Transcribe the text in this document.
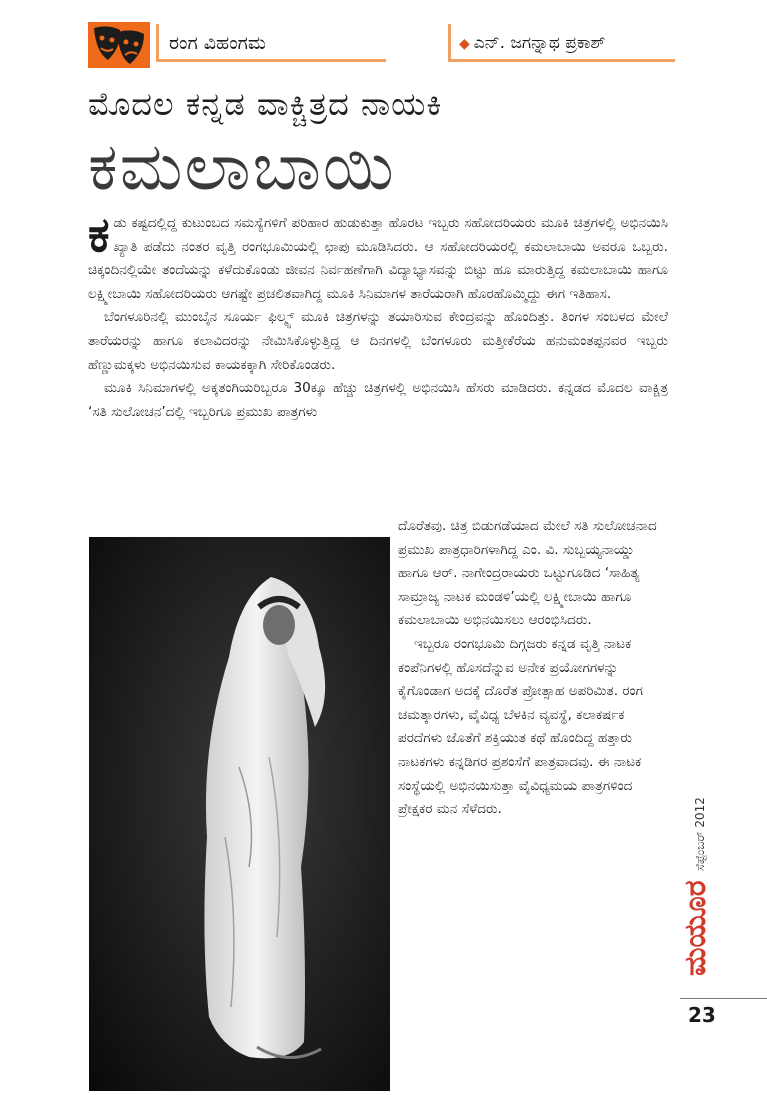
ರಂಗ ವಿಹಂಗಮ	◆ ಎನ್. ಜಗನ್ನಾಥ ಪ್ರಕಾಶ್
ಮೊದಲ ಕನ್ನಡ ವಾಕ್ಚಿತ್ರದ ನಾಯಕಿ
ಕಮಲಾಬಾಯಿ

ಕಡು ಕಷ್ಟದಲ್ಲಿದ್ದ ಕುಟುಂಬದ ಸಮಸ್ಯೆಗಳಿಗೆ ಪರಿಹಾರ ಹುಡುಕುತ್ತಾ ಹೊರಟ ಇಬ್ಬರು ಸಹೋದರಿಯರು ಮೂಕಿ ಚಿತ್ರಗಳಲ್ಲಿ ಅಭಿನಯಿಸಿ ಖ್ಯಾತಿ ಪಡೆದು ನಂತರ ವೃತ್ತಿ ರಂಗಭೂಮಿಯಲ್ಲಿ ಛಾಪು ಮೂಡಿಸಿದರು. ಆ ಸಹೋದರಿಯರಲ್ಲಿ ಕಮಲಾಬಾಯಿ ಅವರೂ ಒಬ್ಬರು. ಚಿಕ್ಕಂದಿನಲ್ಲಿಯೇ ತಂದೆಯನ್ನು ಕಳೆದುಕೊಂಡು ಜೀವನ ನಿರ್ವಹಣೆಗಾಗಿ ವಿದ್ಯಾಭ್ಯಾಸವನ್ನು ಬಿಟ್ಟು ಹೂ ಮಾರುತ್ತಿದ್ದ ಕಮಲಾಬಾಯಿ ಹಾಗೂ ಲಕ್ಷ್ಮೀಬಾಯಿ ಸಹೋದರಿಯರು ಆಗಷ್ಟೇ ಪ್ರಚಲಿತವಾಗಿದ್ದ ಮೂಕಿ ಸಿನಿಮಾಗಳ ತಾರೆಯರಾಗಿ ಹೊರಹೊಮ್ಮಿದ್ದು ಈಗ ಇತಿಹಾಸ.

ಬೆಂಗಳೂರಿನಲ್ಲಿ ಮುಂಬೈನ ಸೂರ್ಯ ಫಿಲ್ಮ್ಸ್ ಮೂಕಿ ಚಿತ್ರಗಳನ್ನು ತಯಾರಿಸುವ ಕೇಂದ್ರವನ್ನು ಹೊಂದಿತ್ತು. ತಿಂಗಳ ಸಂಬಳದ ಮೇಲೆ ತಾರೆಯರನ್ನು ಹಾಗೂ ಕಲಾವಿದರನ್ನು ನೇಮಿಸಿಕೊಳ್ಳುತ್ತಿದ್ದ ಆ ದಿನಗಳಲ್ಲಿ ಬೆಂಗಳೂರು ಮತ್ತೀಕೆರೆಯ ಹನುಮಂತಪ್ಪನವರ ಇಬ್ಬರು ಹೆಣ್ಣುಮಕ್ಕಳು ಅಭಿನಯಿಸುವ ಕಾಯಕಕ್ಕಾಗಿ ಸೇರಿಕೊಂಡರು.

ಮೂಕಿ ಸಿನಿಮಾಗಳಲ್ಲಿ ಅಕ್ಕತಂಗಿಯರಿಬ್ಬರೂ 30ಕ್ಕೂ ಹೆಚ್ಚು ಚಿತ್ರಗಳಲ್ಲಿ ಅಭಿನಯಿಸಿ ಹೆಸರು ಮಾಡಿದರು. ಕನ್ನಡದ ಮೊದಲ ವಾಕ್ಚಿತ್ರ ‘ಸತಿ ಸುಲೋಚನ’ದಲ್ಲಿ ಇಬ್ಬರಿಗೂ ಪ್ರಮುಖ ಪಾತ್ರಗಳು

ದೊರೆತವು. ಚಿತ್ರ ಬಿಡುಗಡೆಯಾದ ಮೇಲೆ ಸತಿ ಸುಲೋಚನಾದ ಪ್ರಮುಖ ಪಾತ್ರಧಾರಿಗಳಾಗಿದ್ದ ಎಂ. ವಿ. ಸುಬ್ಬಯ್ಯನಾಯ್ಡು ಹಾಗೂ ಆರ್. ನಾಗೇಂದ್ರರಾಯರು ಒಟ್ಟುಗೂಡಿದ ‘ಸಾಹಿತ್ಯ ಸಾಮ್ರಾಜ್ಯ ನಾಟಕ ಮಂಡಳಿ’ಯಲ್ಲಿ ಲಕ್ಷ್ಮೀಬಾಯಿ ಹಾಗೂ ಕಮಲಾಬಾಯಿ ಅಭಿನಯಿಸಲು ಆರಂಭಿಸಿದರು.

ಇಬ್ಬರೂ ರಂಗಭೂಮಿ ದಿಗ್ಗಜರು ಕನ್ನಡ ವೃತ್ತಿ ನಾಟಕ ಕಂಪೆನಿಗಳಲ್ಲಿ ಹೊಸದೆನ್ನುವ ಅನೇಕ ಪ್ರಯೋಗಗಳನ್ನು ಕೈಗೊಂಡಾಗ ಅದಕ್ಕೆ ದೊರೆತ ಪ್ರೋತ್ಸಾಹ ಅಪರಿಮಿತ. ರಂಗ ಚಮತ್ಕಾರಗಳು, ವೈವಿಧ್ಯ ಬೆಳಕಿನ ವ್ಯವಸ್ಥೆ, ಕಲಾಕರ್ಷಕ ಪರದೆಗಳು ಜೊತೆಗೆ ಶಕ್ತಿಯುತ ಕಥೆ ಹೊಂದಿದ್ದ ಹತ್ತಾರು ನಾಟಕಗಳು ಕನ್ನಡಿಗರ ಪ್ರಶಂಸೆಗೆ ಪಾತ್ರವಾದವು. ಈ ನಾಟಕ ಸಂಸ್ಥೆಯಲ್ಲಿ ಅಭಿನಯಿಸುತ್ತಾ ವೈವಿಧ್ಯಮಯ ಪಾತ್ರಗಳಿಂದ ಪ್ರೇಕ್ಷಕರ ಮನ ಸೆಳೆದರು.	ಸೆಪ್ಟೆಂಬರ್ 2012
ಮಯೂರ
23
